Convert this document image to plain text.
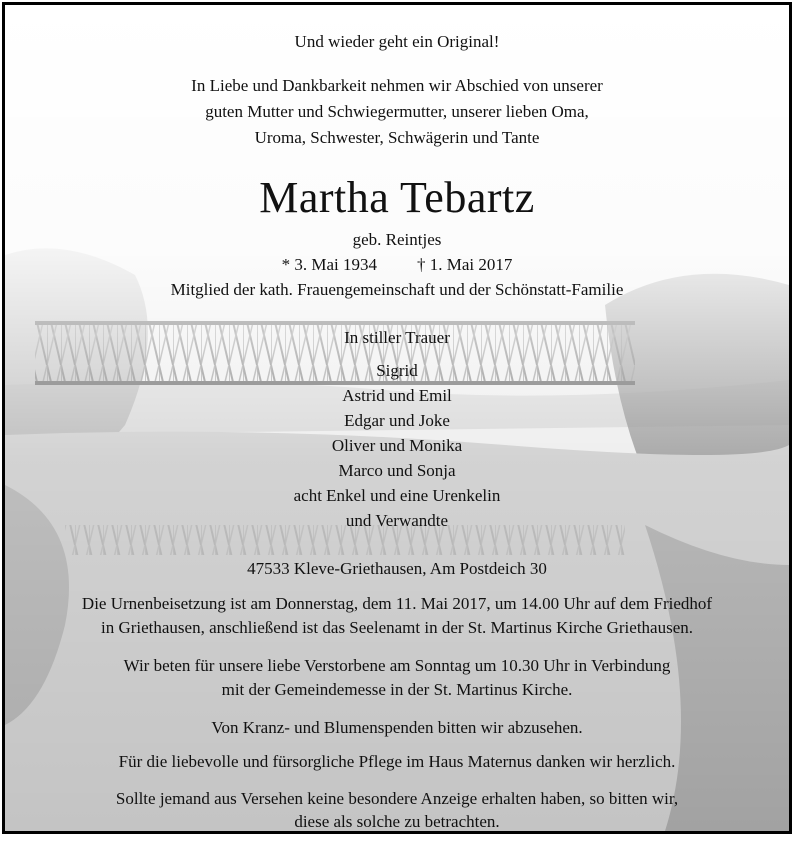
Und wieder geht ein Original!
In Liebe und Dankbarkeit nehmen wir Abschied von unserer
guten Mutter und Schwiegermutter, unserer lieben Oma,
Uroma, Schwester, Schwägerin und Tante
Martha Tebartz
geb. Reintjes
* 3. Mai 1934 † 1. Mai 2017
Mitglied der kath. Frauengemeinschaft und der Schönstatt-Familie
In stiller Trauer
Sigrid
Astrid und Emil
Edgar und Joke
Oliver und Monika
Marco und Sonja
acht Enkel und eine Urenkelin
und Verwandte
47533 Kleve-Griethausen, Am Postdeich 30
Die Urnenbeisetzung ist am Donnerstag, dem 11. Mai 2017, um 14.00 Uhr auf dem Friedhof
in Griethausen, anschließend ist das Seelenamt in der St. Martinus Kirche Griethausen.
Wir beten für unsere liebe Verstorbene am Sonntag um 10.30 Uhr in Verbindung
mit der Gemeindemesse in der St. Martinus Kirche.
Von Kranz- und Blumenspenden bitten wir abzusehen.
Für die liebevolle und fürsorgliche Pflege im Haus Maternus danken wir herzlich.
Sollte jemand aus Versehen keine besondere Anzeige erhalten haben, so bitten wir,
diese als solche zu betrachten.
